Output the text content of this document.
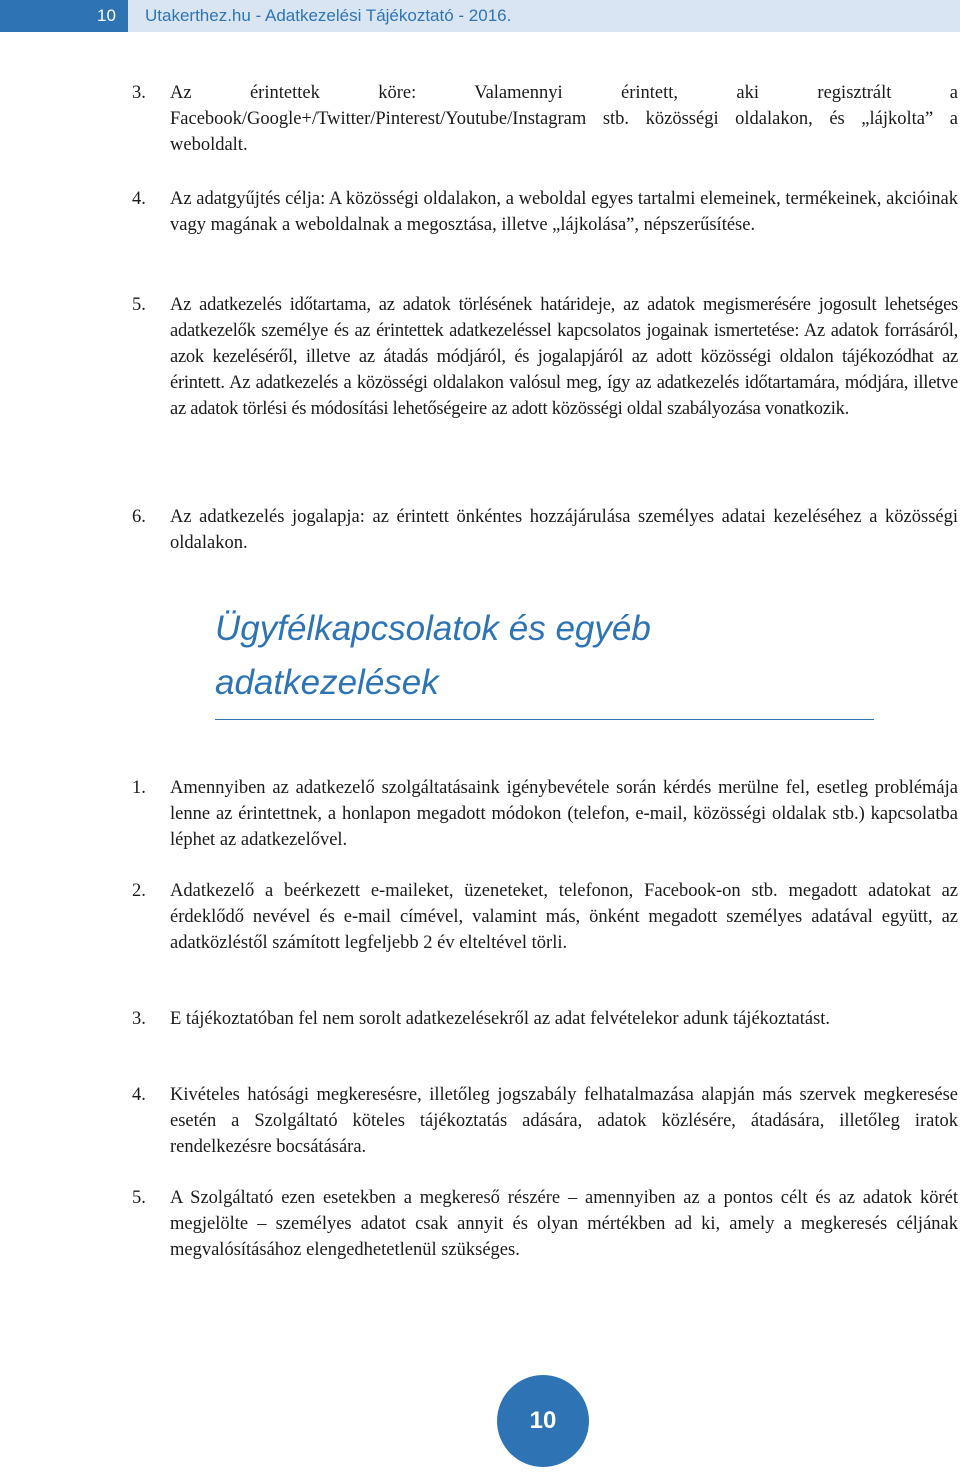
10	Utakerthez.hu - Adatkezelési Tájékoztató - 2016.
3. Az érintettek köre: Valamennyi érintett, aki regisztrált a Facebook/Google+/Twitter/Pinterest/Youtube/Instagram stb. közösségi oldalakon, és „lájkolta” a weboldalt.
4. Az adatgyűjtés célja: A közösségi oldalakon, a weboldal egyes tartalmi elemeinek, termékeinek, akcióinak vagy magának a weboldalnak a megosztása, illetve „lájkolása”, népszerűsítése.
5. Az adatkezelés időtartama, az adatok törlésének határideje, az adatok megismerésére jogosult lehetséges adatkezelők személye és az érintettek adatkezeléssel kapcsolatos jogainak ismertetése: Az adatok forrásáról, azok kezeléséről, illetve az átadás módjáról, és jogalapjáról az adott közösségi oldalon tájékozódhat az érintett. Az adatkezelés a közösségi oldalakon valósul meg, így az adatkezelés időtartamára, módjára, illetve az adatok törlési és módosítási lehetőségeire az adott közösségi oldal szabályozása vonatkozik.
6. Az adatkezelés jogalapja: az érintett önkéntes hozzájárulása személyes adatai kezeléséhez a közösségi oldalakon.
Ügyfélkapcsolatok és egyéb adatkezelések
1. Amennyiben az adatkezelő szolgáltatásaink igénybevétele során kérdés merülne fel, esetleg problémája lenne az érintettnek, a honlapon megadott módokon (telefon, e-mail, közösségi oldalak stb.) kapcsolatba léphet az adatkezelővel.
2. Adatkezelő a beérkezett e-maileket, üzeneteket, telefonon, Facebook-on stb. megadott adatokat az érdeklődő nevével és e-mail címével, valamint más, önként megadott személyes adatával együtt, az adatközléstől számított legfeljebb 2 év elteltével törli.
3. E tájékoztatóban fel nem sorolt adatkezelésekről az adat felvételekor adunk tájékoztatást.
4. Kivételes hatósági megkeresésre, illetőleg jogszabály felhatalmazása alapján más szervek megkeresése esetén a Szolgáltató köteles tájékoztatás adására, adatok közlésére, átadására, illetőleg iratok rendelkezésre bocsátására.
5. A Szolgáltató ezen esetekben a megkereső részére – amennyiben az a pontos célt és az adatok körét megjelölte – személyes adatot csak annyit és olyan mértékben ad ki, amely a megkeresés céljának megvalósításához elengedhetetlenül szükséges.
10
